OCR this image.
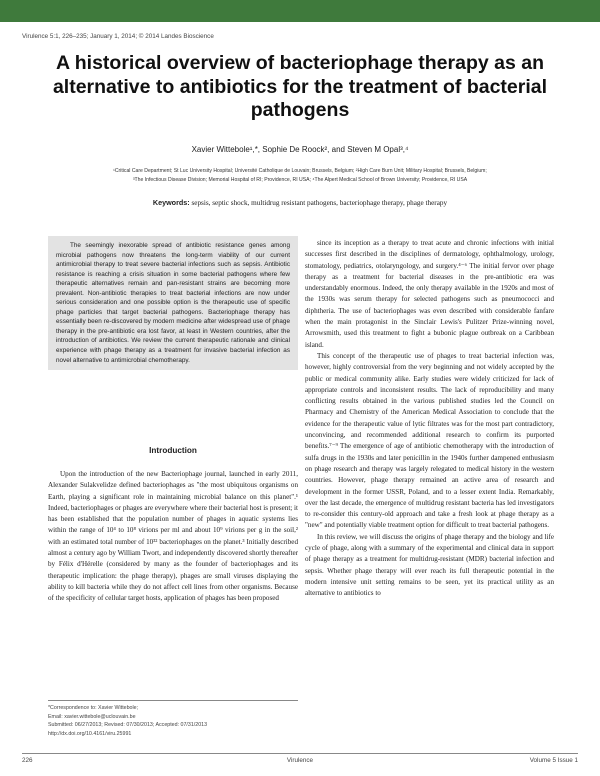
Virulence 5:1, 226–235; January 1, 2014; © 2014 Landes Bioscience
A historical overview of bacteriophage therapy as an alternative to antibiotics for the treatment of bacterial pathogens
Xavier Wittebole¹,*, Sophie De Roock², and Steven M Opal³,⁴
¹Critical Care Department; St Luc University Hospital; Université Catholique de Louvain; Brussels, Belgium; ²High Care Burn Unit; Military Hospital; Brussels, Belgium;
³The Infectious Disease Division; Memorial Hospital of RI; Providence, RI USA; ⁴The Alpert Medical School of Brown University; Providence, RI USA
Keywords: sepsis, septic shock, multidrug resistant pathogens, bacteriophage therapy, phage therapy

The seemingly inexorable spread of antibiotic resistance genes among microbial pathogens now threatens the long-term viability of our current antimicrobial therapy to treat severe bacterial infections such as sepsis. Antibiotic resistance is reaching a crisis situation in some bacterial pathogens where few therapeutic alternatives remain and pan-resistant strains are becoming more prevalent. Non-antibiotic therapies to treat bacterial infections are now under serious consideration and one possible option is the therapeutic use of specific phage particles that target bacterial pathogens. Bacteriophage therapy has essentially been re-discovered by modern medicine after widespread use of phage therapy in the pre-antibiotic era lost favor, at least in Western countries, after the introduction of antibiotics. We review the current therapeutic rationale and clinical experience with phage therapy as a treatment for invasive bacterial infection as novel alternative to antimicrobial chemotherapy.

Introduction

Upon the introduction of the new Bacteriophage journal, launched in early 2011, Alexander Sulakvelidze defined bacteriophages as "the most ubiquitous organisms on Earth, playing a significant role in maintaining microbial balance on this planet".¹ Indeed, bacteriophages or phages are everywhere where their bacterial host is present; it has been established that the population number of phages in aquatic systems lies within the range of 10⁴ to 10⁸ virions per ml and about 10⁹ virions per g in the soil,² with an estimated total number of 10³² bacteriophages on the planet.³ Initially described almost a century ago by William Twort, and independently discovered shortly thereafter by Félix d'Hérelle (considered by many as the founder of bacteriophages and its therapeutic implication: the phage therapy), phages are small viruses displaying the ability to kill bacteria while they do not affect cell lines from other organisms. Because of the specificity of cellular target hosts, application of phages has been proposed

since its inception as a therapy to treat acute and chronic infections with initial successes first described in the disciplines of dermatology, ophthalmology, urology, stomatology, pediatrics, otolaryngology, and surgery.⁴⁻⁶ The initial fervor over phage therapy as a treatment for bacterial diseases in the pre-antibiotic era was understandably enormous. Indeed, the only therapy available in the 1920s and most of the 1930s was serum therapy for selected pathogens such as pneumococci and diphtheria. The use of bacteriophages was even described with considerable fanfare when the main protagonist in the Sinclair Lewis's Pulitzer Prize-winning novel, Arrowsmith, used this treatment to fight a bubonic plague outbreak on a Caribbean island.

This concept of the therapeutic use of phages to treat bacterial infection was, however, highly controversial from the very beginning and not widely accepted by the public or medical community alike. Early studies were widely criticized for lack of appropriate controls and inconsistent results. The lack of reproducibility and many conflicting results obtained in the various published studies led the Council on Pharmacy and Chemistry of the American Medical Association to conclude that the evidence for the therapeutic value of lytic filtrates was for the most part contradictory, unconvincing, and recommended additional research to confirm its purported benefits.⁷⁻⁹ The emergence of age of antibiotic chemotherapy with the introduction of sulfa drugs in the 1930s and later penicillin in the 1940s further dampened enthusiasm on phage research and therapy was largely relegated to medical history in the western countries. However, phage therapy remained an active area of research and development in the former USSR, Poland, and to a lesser extent India. Remarkably, over the last decade, the emergence of multidrug resistant bacteria has led investigators to re-consider this century-old approach and take a fresh look at phage therapy as a "new" and potentially viable treatment option for difficult to treat bacterial pathogens.

In this review, we will discuss the origins of phage therapy and the biology and life cycle of phage, along with a summary of the experimental and clinical data in support of phage therapy as a treatment for multidrug-resistant (MDR) bacterial infection and sepsis. Whether phage therapy will ever reach its full therapeutic potential in the modern intensive unit setting remains to be seen, yet its practical utility as an alternative to antibiotics to

*Correspondence to: Xavier Wittebole;
Email: xavier.wittebole@uclouvain.be
Submitted: 06/27/2013; Revised: 07/30/2013; Accepted: 07/31/2013
http://dx.doi.org/10.4161/viru.25991
226	Virulence	Volume 5 Issue 1
